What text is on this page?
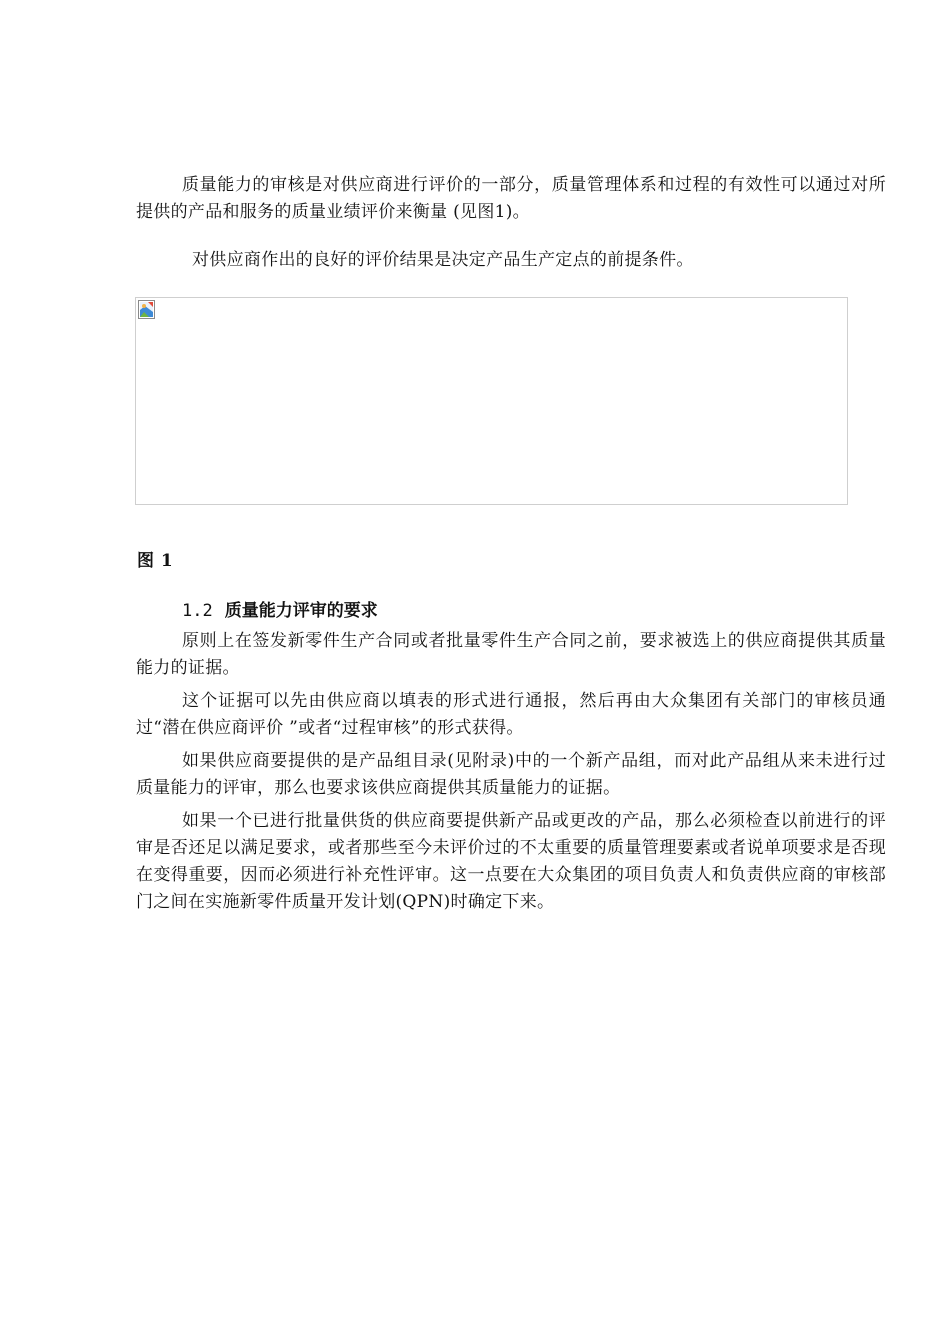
质量能力的审核是对供应商进行评价的一部分，质量管理体系和过程的有效性可以通过对所提供的产品和服务的质量业绩评价来衡量 (见图1)。

对供应商作出的良好的评价结果是决定产品生产定点的前提条件。

图 1

1.2 质量能力评审的要求

原则上在签发新零件生产合同或者批量零件生产合同之前，要求被选上的供应商提供其质量能力的证据。

这个证据可以先由供应商以填表的形式进行通报，然后再由大众集团有关部门的审核员通过“潜在供应商评价 ”或者“过程审核”的形式获得。

如果供应商要提供的是产品组目录(见附录)中的一个新产品组，而对此产品组从来未进行过质量能力的评审，那么也要求该供应商提供其质量能力的证据。

如果一个已进行批量供货的供应商要提供新产品或更改的产品，那么必须检查以前进行的评审是否还足以满足要求，或者那些至今未评价过的不太重要的质量管理要素或者说单项要求是否现在变得重要，因而必须进行补充性评审。这一点要在大众集团的项目负责人和负责供应商的审核部门之间在实施新零件质量开发计划(QPN)时确定下来。
